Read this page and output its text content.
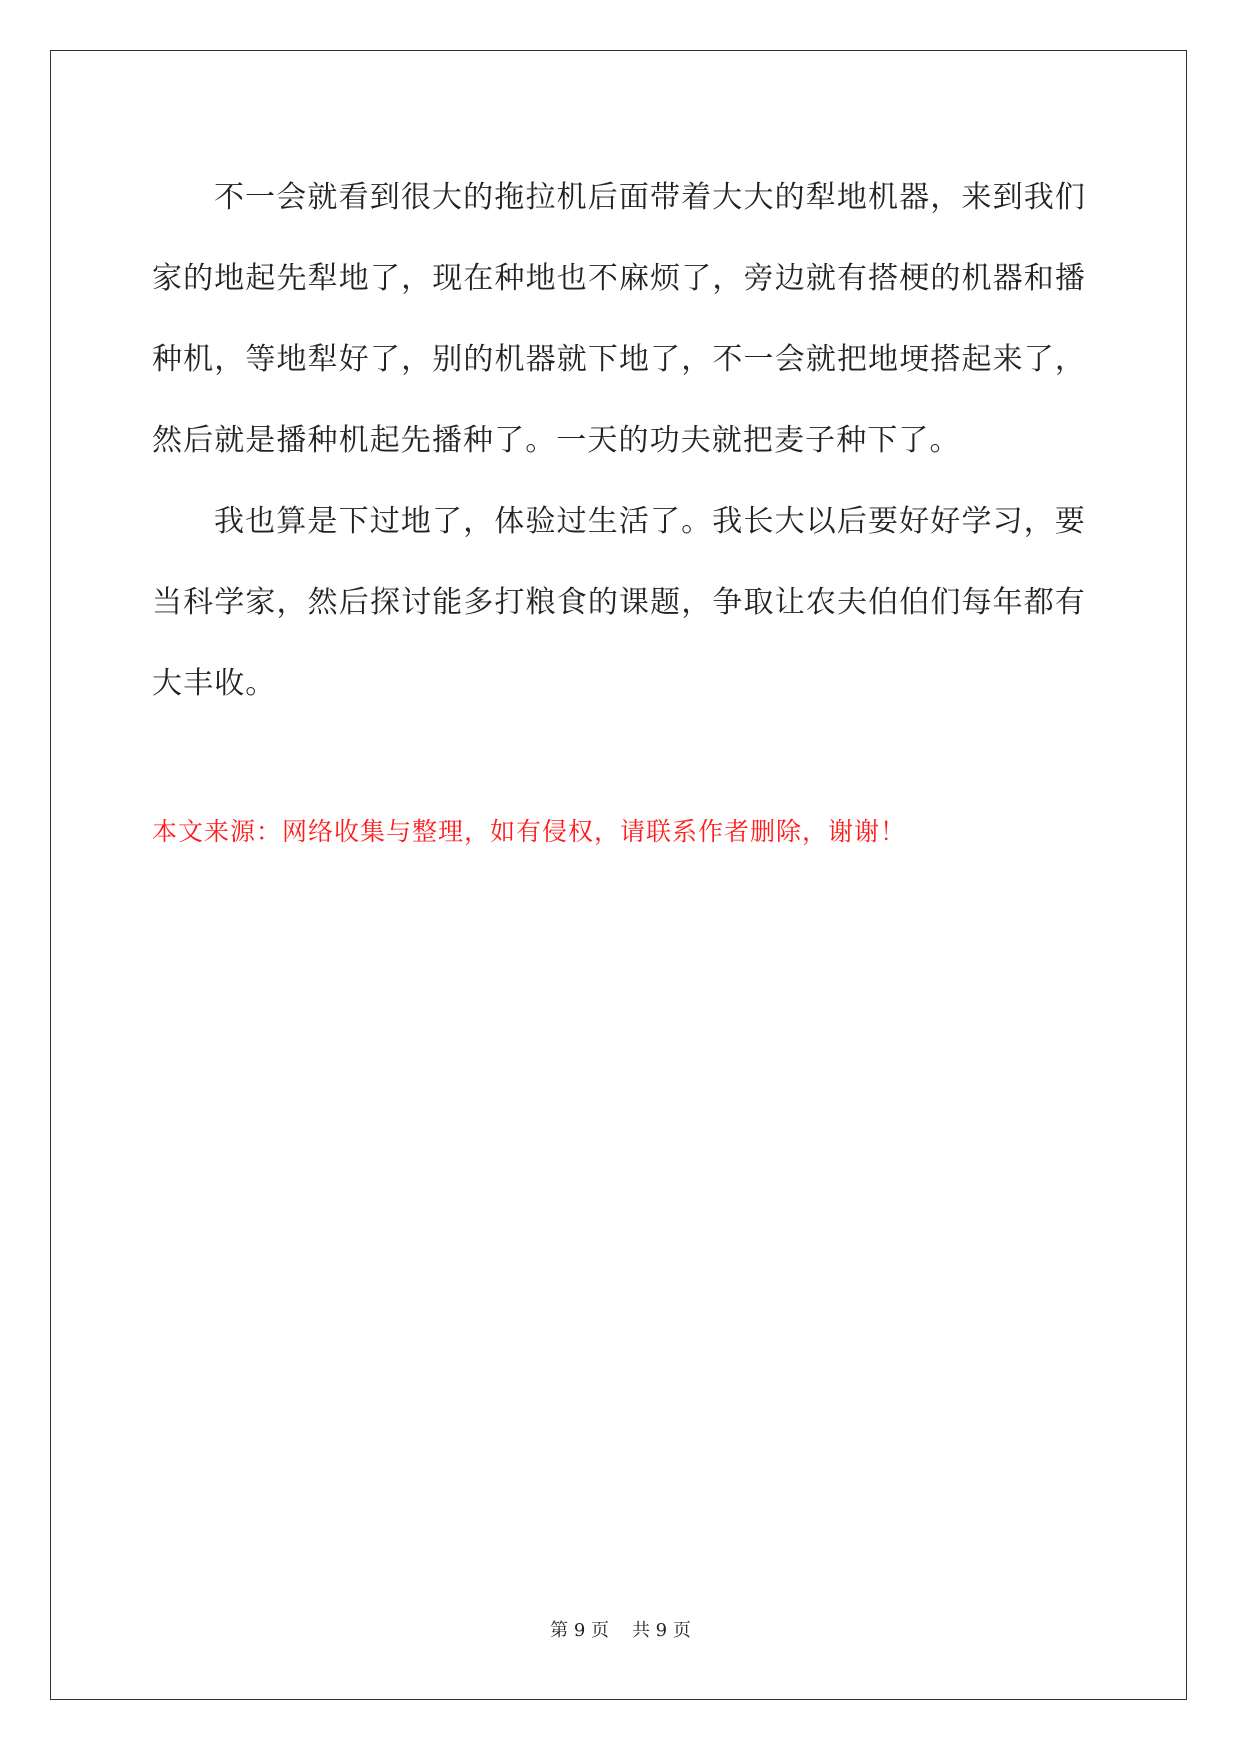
不一会就看到很大的拖拉机后面带着大大的犁地机器，来到我们
家的地起先犁地了，现在种地也不麻烦了，旁边就有搭梗的机器和播
种机，等地犁好了，别的机器就下地了，不一会就把地埂搭起来了，
然后就是播种机起先播种了。一天的功夫就把麦子种下了。
我也算是下过地了，体验过生活了。我长大以后要好好学习，要
当科学家，然后探讨能多打粮食的课题，争取让农夫伯伯们每年都有
大丰收。
本文来源：网络收集与整理，如有侵权，请联系作者删除，谢谢！
第 9 页    共 9 页
